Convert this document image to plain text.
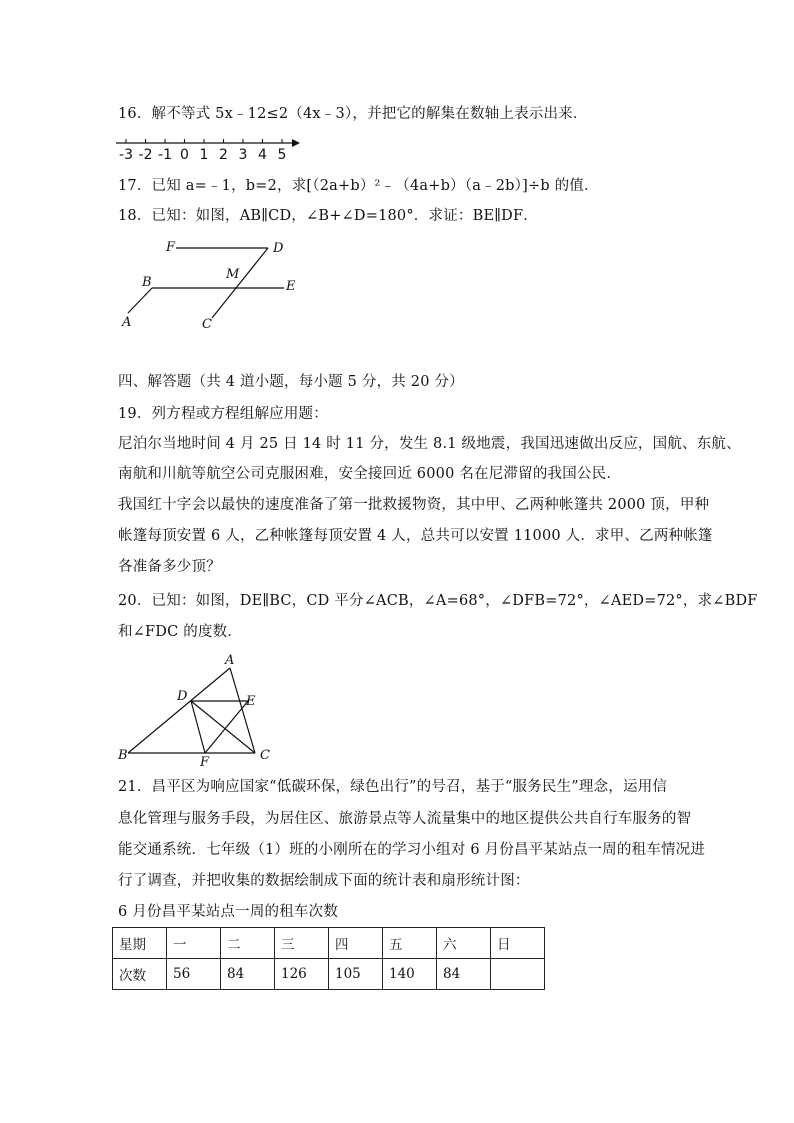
16．解不等式 5x﹣12≤2（4x﹣3），并把它的解集在数轴上表示出来．
-3 -2 -1 0 1 2 3 4 5
17．已知 a=﹣1，b=2，求[（2a+b）²﹣（4a+b）（a﹣2b）]÷b 的值．
18．已知：如图，AB∥CD，∠B+∠D=180°．求证：BE∥DF．
F	D
B
M
E
A	C
四、解答题（共 4 道小题，每小题 5 分，共 20 分）
19．列方程或方程组解应用题：
尼泊尔当地时间 4 月 25 日 14 时 11 分，发生 8.1 级地震，我国迅速做出反应，国航、东航、
南航和川航等航空公司克服困难，安全接回近 6000 名在尼滞留的我国公民．
我国红十字会以最快的速度准备了第一批救援物资，其中甲、乙两种帐篷共 2000 顶，甲种
帐篷每顶安置 6 人，乙种帐篷每顶安置 4 人，总共可以安置 11000 人．求甲、乙两种帐篷
各准备多少顶？
20．已知：如图，DE∥BC，CD 平分∠ACB，∠A=68°，∠DFB=72°，∠AED=72°，求∠BDF
和∠FDC 的度数．
A
D	E
B	F	C
21．昌平区为响应国家“低碳环保，绿色出行”的号召，基于“服务民生”理念，运用信
息化管理与服务手段，为居住区、旅游景点等人流量集中的地区提供公共自行车服务的智
能交通系统．七年级（1）班的小刚所在的学习小组对 6 月份昌平某站点一周的租车情况进
行了调查，并把收集的数据绘制成下面的统计表和扇形统计图：
6 月份昌平某站点一周的租车次数
星期	一	二	三	四	五	六	日
次数	56	84	126	105	140	84	
